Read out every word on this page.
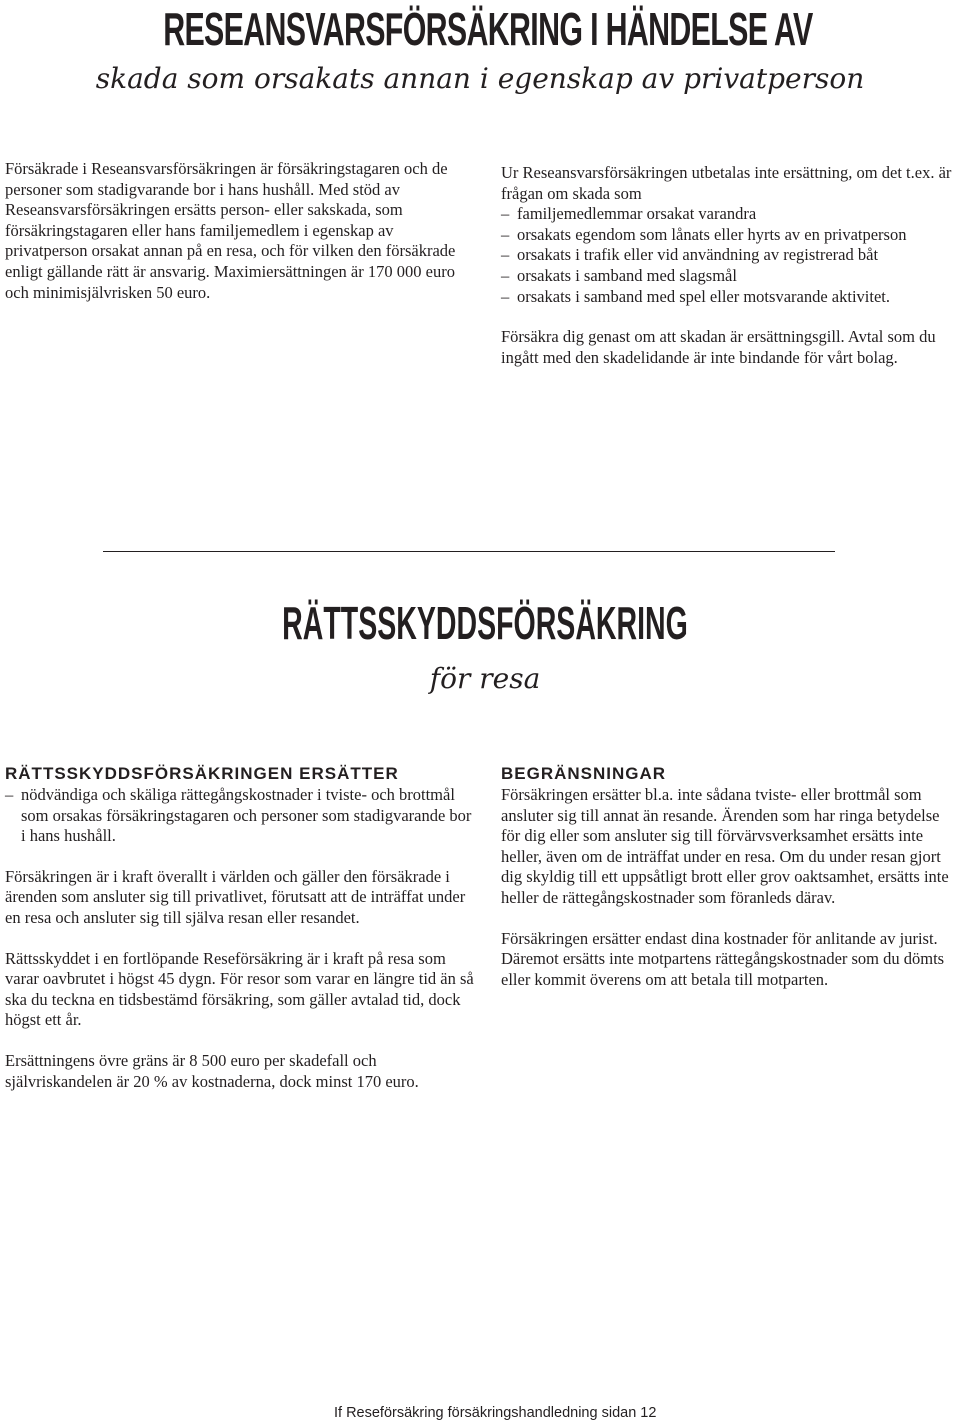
RESEANSVARSFÖRSÄKRING I HÄNDELSE AV
skada som orsakats annan i egenskap av privatperson

Försäkrade i Reseansvarsförsäkringen är försäkringstagaren och de personer som stadigvarande bor i hans hushåll. Med stöd av Reseansvarsförsäkringen ersätts person- eller sakskada, som försäkringstagaren eller hans familjemedlem i egenskap av privatperson orsakat annan på en resa, och för vilken den försäkrade enligt gällande rätt är ansvarig. Maximiersättningen är 170 000 euro och minimisjälvrisken 50 euro.

Ur Reseansvarsförsäkringen utbetalas inte ersättning, om det t.ex. är frågan om skada som

– familjemedlemmar orsakat varandra

– orsakats egendom som lånats eller hyrts av en privatperson

– orsakats i trafik eller vid användning av registrerad båt

– orsakats i samband med slagsmål

– orsakats i samband med spel eller motsvarande aktivitet.

Försäkra dig genast om att skadan är ersättningsgill. Avtal som du ingått med den skadelidande är inte bindande för vårt bolag.

RÄTTSSKYDDSFÖRSÄKRING
för resa

RÄTTSSKYDDSFÖRSÄKRINGEN ERSÄTTER

– nödvändiga och skäliga rättegångskostnader i tviste- och brottmål som orsakas försäkringstagaren och personer som stadigvarande bor i hans hushåll.

Försäkringen är i kraft överallt i världen och gäller den försäkrade i ärenden som ansluter sig till privatlivet, förutsatt att de inträffat under en resa och ansluter sig till själva resan eller resandet.

Rättsskyddet i en fortlöpande Reseförsäkring är i kraft på resa som varar oavbrutet i högst 45 dygn. För resor som varar en längre tid än så ska du teckna en tidsbestämd försäkring, som gäller avtalad tid, dock högst ett år.

Ersättningens övre gräns är 8 500 euro per skadefall och självriskandelen är 20 % av kostnaderna, dock minst 170 euro.

BEGRÄNSNINGAR

Försäkringen ersätter bl.a. inte sådana tviste- eller brottmål som ansluter sig till annat än resande. Ärenden som har ringa betydelse för dig eller som ansluter sig till förvärvsverksamhet ersätts inte heller, även om de inträffat under en resa. Om du under resan gjort dig skyldig till ett uppsåtligt brott eller grov oaktsamhet, ersätts inte heller de rättegångskostnader som föranleds därav.

Försäkringen ersätter endast dina kostnader för anlitande av jurist. Däremot ersätts inte motpartens rättegångskostnader som du dömts eller kommit överens om att betala till motparten.

If Reseförsäkring försäkringshandledning sidan 12
